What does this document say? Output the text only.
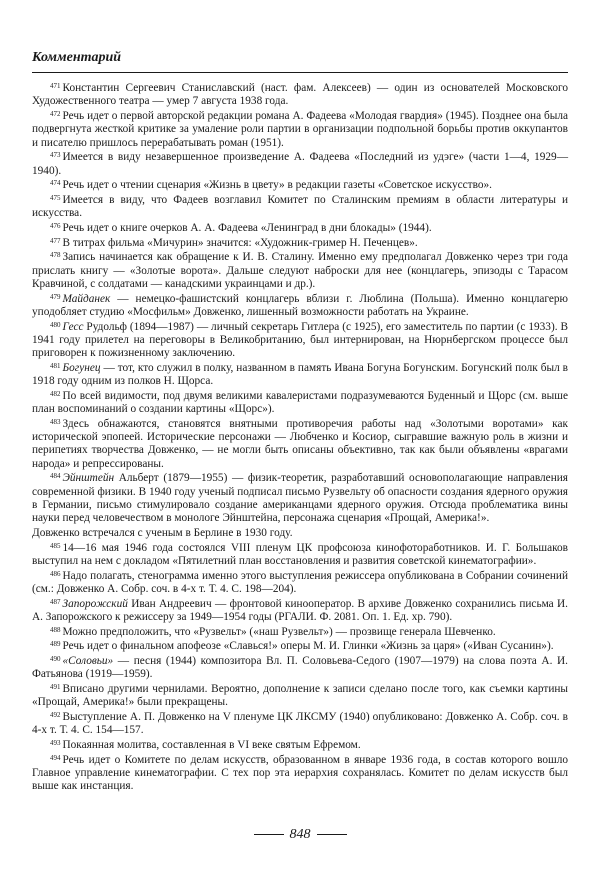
Комментарий

$^{471}$ Константин Сергеевич Станиславский (наст. фам. Алексеев) — один из основателей Московского Художественного театра — умер 7 августа 1938 года.

$^{472}$ Речь идет о первой авторской редакции романа А. Фадеева «Молодая гвардия» (1945). Позднее она была подвергнута жесткой критике за умаление роли партии в организации подпольной борьбы против оккупантов и писателю пришлось перерабатывать роман (1951).

$^{473}$ Имеется в виду незавершенное произведение А. Фадеева «Последний из удэге» (части 1—4, 1929—1940).

$^{474}$ Речь идет о чтении сценария «Жизнь в цвету» в редакции газеты «Советское искусство».

$^{475}$ Имеется в виду, что Фадеев возглавил Комитет по Сталинским премиям в области литературы и искусства.

$^{476}$ Речь идет о книге очерков А. А. Фадеева «Ленинград в дни блокады» (1944).

$^{477}$ В титрах фильма «Мичурин» значится: «Художник-гример Н. Печенцев».

$^{478}$ Запись начинается как обращение к И. В. Сталину. Именно ему предполагал Довженко через три года прислать книгу — «Золотые ворота». Дальше следуют наброски для нее (концлагерь, эпизоды с Тарасом Кравчиной, с солдатами — канадскими украинцами и др.).

$^{479}$ Майданек — немецко-фашистский концлагерь вблизи г. Люблина (Польша). Именно концлагерю уподобляет студию «Мосфильм» Довженко, лишенный возможности работать на Украине.

$^{480}$ Гесс Рудольф (1894—1987) — личный секретарь Гитлера (с 1925), его заместитель по партии (с 1933). В 1941 году прилетел на переговоры в Великобританию, был интернирован, на Нюрнбергском процессе был приговорен к пожизненному заключению.

$^{481}$ Богунец — тот, кто служил в полку, названном в память Ивана Богуна Богунским. Богунский полк был в 1918 году одним из полков Н. Щорса.

$^{482}$ По всей видимости, под двумя великими кавалеристами подразумеваются Буденный и Щорс (см. выше план воспоминаний о создании картины «Щорс»).

$^{483}$ Здесь обнажаются, становятся внятными противоречия работы над «Золотыми воротами» как исторической эпопеей. Исторические персонажи — Любченко и Косиор, сыгравшие важную роль в жизни и перипетиях творчества Довженко, — не могли быть описаны объективно, так как были объявлены «врагами народа» и репрессированы.

$^{484}$ Эйнштейн Альберт (1879—1955) — физик-теоретик, разработавший основополагающие направления современной физики. В 1940 году ученый подписал письмо Рузвельту об опасности создания ядерного оружия в Германии, письмо стимулировало создание американцами ядерного оружия. Отсюда проблематика вины науки перед человечеством в монологе Эйнштейна, персонажа сценария «Прощай, Америка!».

Довженко встречался с ученым в Берлине в 1930 году.

$^{485}$ 14—16 мая 1946 года состоялся VIII пленум ЦК профсоюза кинофотоработников. И. Г. Большаков выступил на нем с докладом «Пятилетний план восстановления и развития советской кинематографии».

$^{486}$ Надо полагать, стенограмма именно этого выступления режиссера опубликована в Собрании сочинений (см.: Довженко А. Собр. соч. в 4-х т. Т. 4. С. 198—204).

$^{487}$ Запорожский Иван Андреевич — фронтовой кинооператор. В архиве Довженко сохранились письма И. А. Запорожского к режиссеру за 1949—1954 годы (РГАЛИ. Ф. 2081. Оп. 1. Ед. хр. 790).

$^{488}$ Можно предположить, что «Рузвельт» («наш Рузвельт») — прозвище генерала Шевченко.

$^{489}$ Речь идет о финальном апофеозе «Славься!» оперы М. И. Глинки «Жизнь за царя» («Иван Сусанин»).

$^{490}$ «Соловьи» — песня (1944) композитора Вл. П. Соловьева-Седого (1907—1979) на слова поэта А. И. Фатьянова (1919—1959).

$^{491}$ Вписано другими чернилами. Вероятно, дополнение к записи сделано после того, как съемки картины «Прощай, Америка!» были прекращены.

$^{492}$ Выступление А. П. Довженко на V пленуме ЦК ЛКСМУ (1940) опубликовано: Довженко А. Собр. соч. в 4-х т. Т. 4. С. 154—157.

$^{493}$ Покаянная молитва, составленная в VI веке святым Ефремом.

$^{494}$ Речь идет о Комитете по делам искусств, образованном в январе 1936 года, в состав которого вошло Главное управление кинематографии. С тех пор эта иерархия сохранялась. Комитет по делам искусств был выше как инстанция.

848
